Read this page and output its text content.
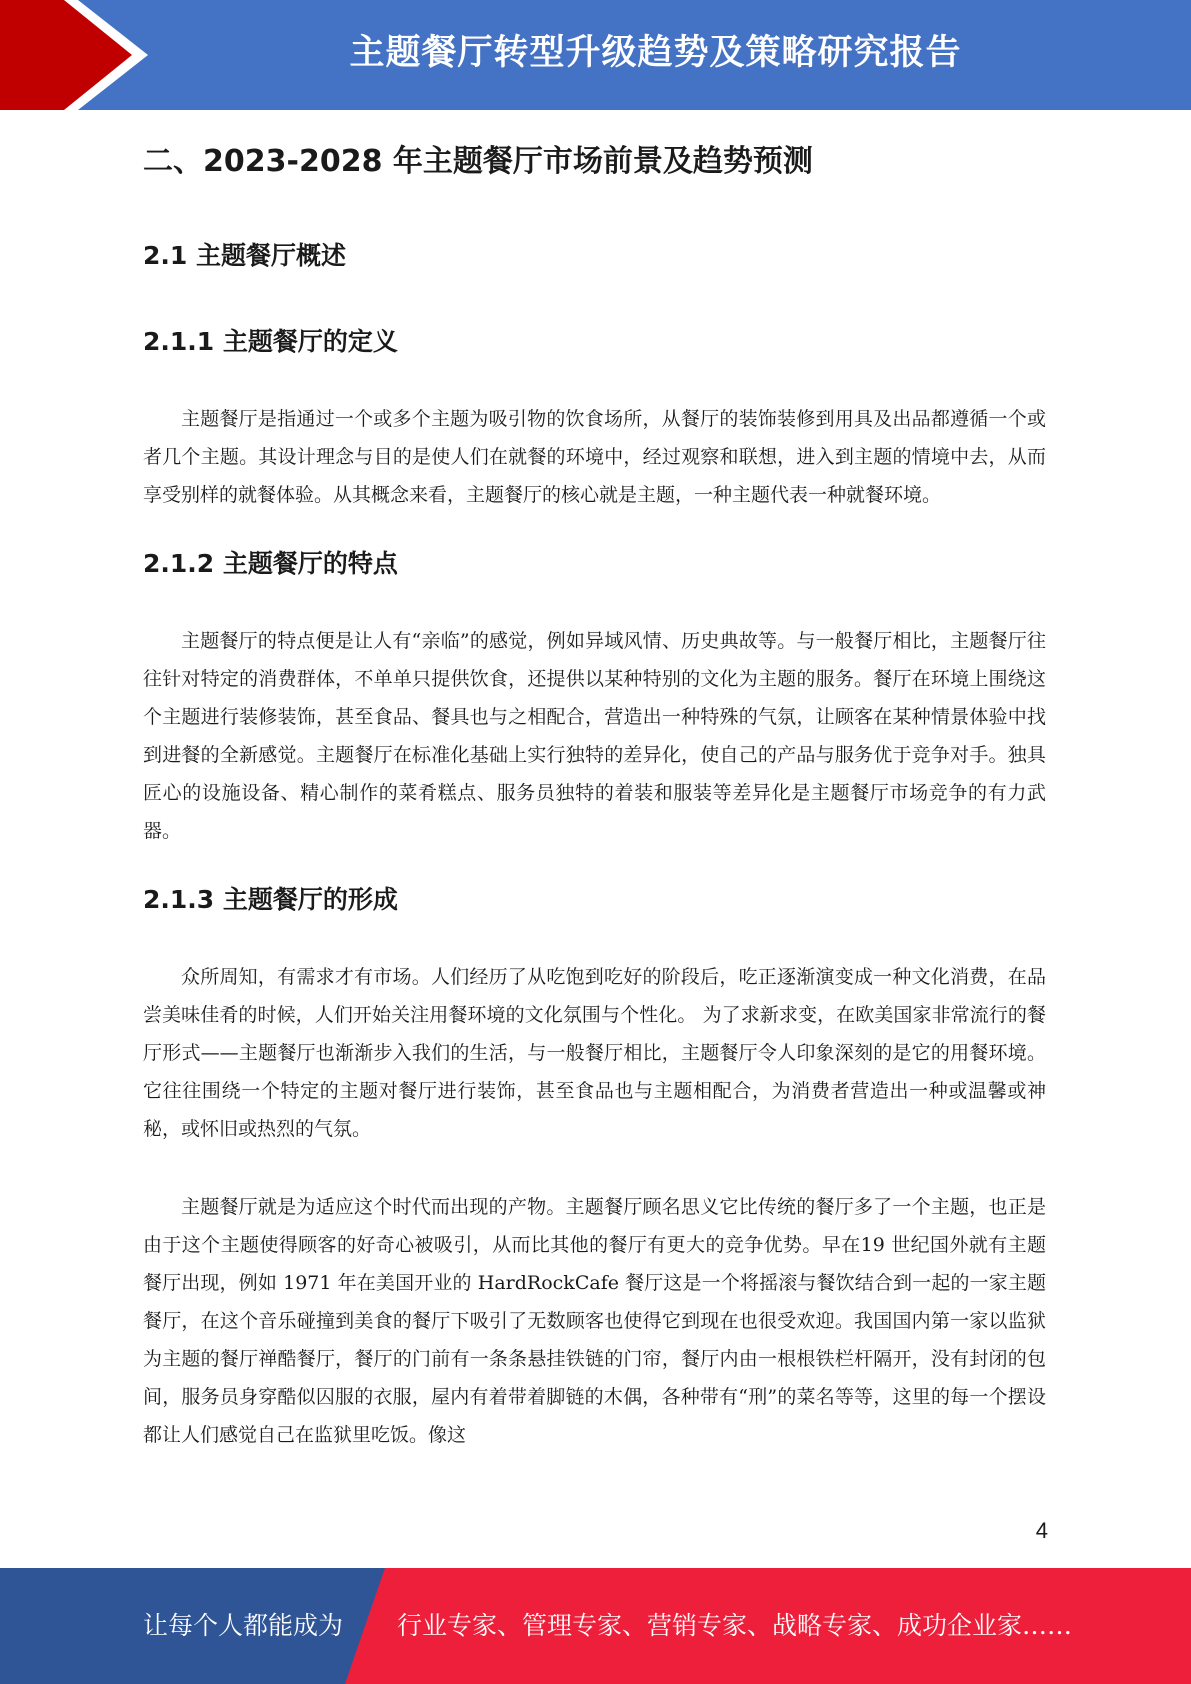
主题餐厅转型升级趋势及策略研究报告
二、2023-2028 年主题餐厅市场前景及趋势预测
2.1 主题餐厅概述
2.1.1 主题餐厅的定义

主题餐厅是指通过一个或多个主题为吸引物的饮食场所，从餐厅的装饰装修到用具及出品都遵循一个或者几个主题。其设计理念与目的是使人们在就餐的环境中，经过观察和联想，进入到主题的情境中去，从而享受别样的就餐体验。从其概念来看，主题餐厅的核心就是主题，一种主题代表一种就餐环境。

2.1.2 主题餐厅的特点

主题餐厅的特点便是让人有“亲临”的感觉，例如异域风情、历史典故等。与一般餐厅相比，主题餐厅往往针对特定的消费群体，不单单只提供饮食，还提供以某种特别的文化为主题的服务。餐厅在环境上围绕这个主题进行装修装饰，甚至食品、餐具也与之相配合，营造出一种特殊的气氛，让顾客在某种情景体验中找到进餐的全新感觉。主题餐厅在标准化基础上实行独特的差异化，使自己的产品与服务优于竞争对手。独具匠心的设施设备、精心制作的菜肴糕点、服务员独特的着装和服装等差异化是主题餐厅市场竞争的有力武器。

2.1.3 主题餐厅的形成

众所周知，有需求才有市场。人们经历了从吃饱到吃好的阶段后，吃正逐渐演变成一种文化消费，在品尝美味佳肴的时候，人们开始关注用餐环境的文化氛围与个性化。 为了求新求变，在欧美国家非常流行的餐厅形式——主题餐厅也渐渐步入我们的生活，与一般餐厅相比，主题餐厅令人印象深刻的是它的用餐环境。它往往围绕一个特定的主题对餐厅进行装饰，甚至食品也与主题相配合，为消费者营造出一种或温馨或神秘，或怀旧或热烈的气氛。

主题餐厅就是为适应这个时代而出现的产物。主题餐厅顾名思义它比传统的餐厅多了一个主题，也正是由于这个主题使得顾客的好奇心被吸引，从而比其他的餐厅有更大的竞争优势。早在19 世纪国外就有主题餐厅出现，例如 1971 年在美国开业的 HardRockCafe 餐厅这是一个将摇滚与餐饮结合到一起的一家主题餐厅，在这个音乐碰撞到美食的餐厅下吸引了无数顾客也使得它到现在也很受欢迎。我国国内第一家以监狱为主题的餐厅禅酷餐厅，餐厅的门前有一条条悬挂铁链的门帘，餐厅内由一根根铁栏杆隔开，没有封闭的包间，服务员身穿酷似囚服的衣服，屋内有着带着脚链的木偶，各种带有“刑”的菜名等等，这里的每一个摆设都让人们感觉自己在监狱里吃饭。像这

4
让每个人都能成为 行业专家、管理专家、营销专家、战略专家、成功企业家……
